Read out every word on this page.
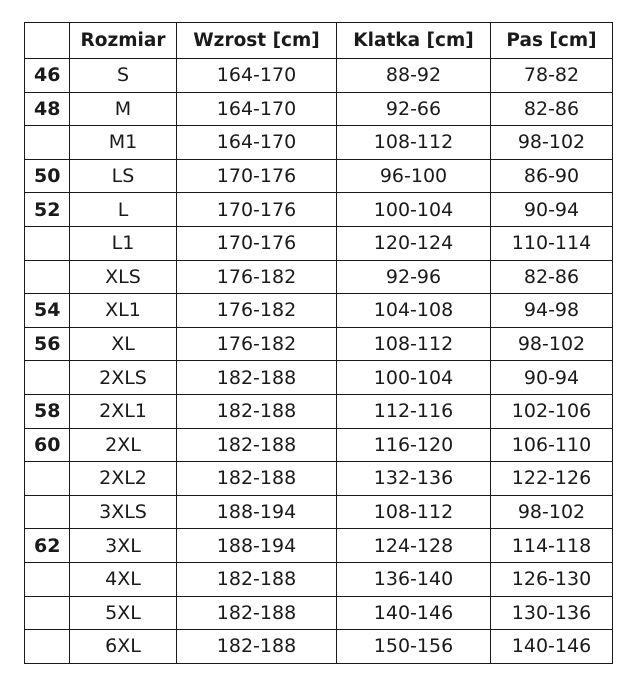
	Rozmiar	Wzrost [cm]	Klatka [cm]	Pas [cm]
46	S	164-170	88-92	78-82
48	M	164-170	92-66	82-86
	M1	164-170	108-112	98-102
50	LS	170-176	96-100	86-90
52	L	170-176	100-104	90-94
	L1	170-176	120-124	110-114
	XLS	176-182	92-96	82-86
54	XL1	176-182	104-108	94-98
56	XL	176-182	108-112	98-102
	2XLS	182-188	100-104	90-94
58	2XL1	182-188	112-116	102-106
60	2XL	182-188	116-120	106-110
	2XL2	182-188	132-136	122-126
	3XLS	188-194	108-112	98-102
62	3XL	188-194	124-128	114-118
	4XL	182-188	136-140	126-130
	5XL	182-188	140-146	130-136
	6XL	182-188	150-156	140-146
